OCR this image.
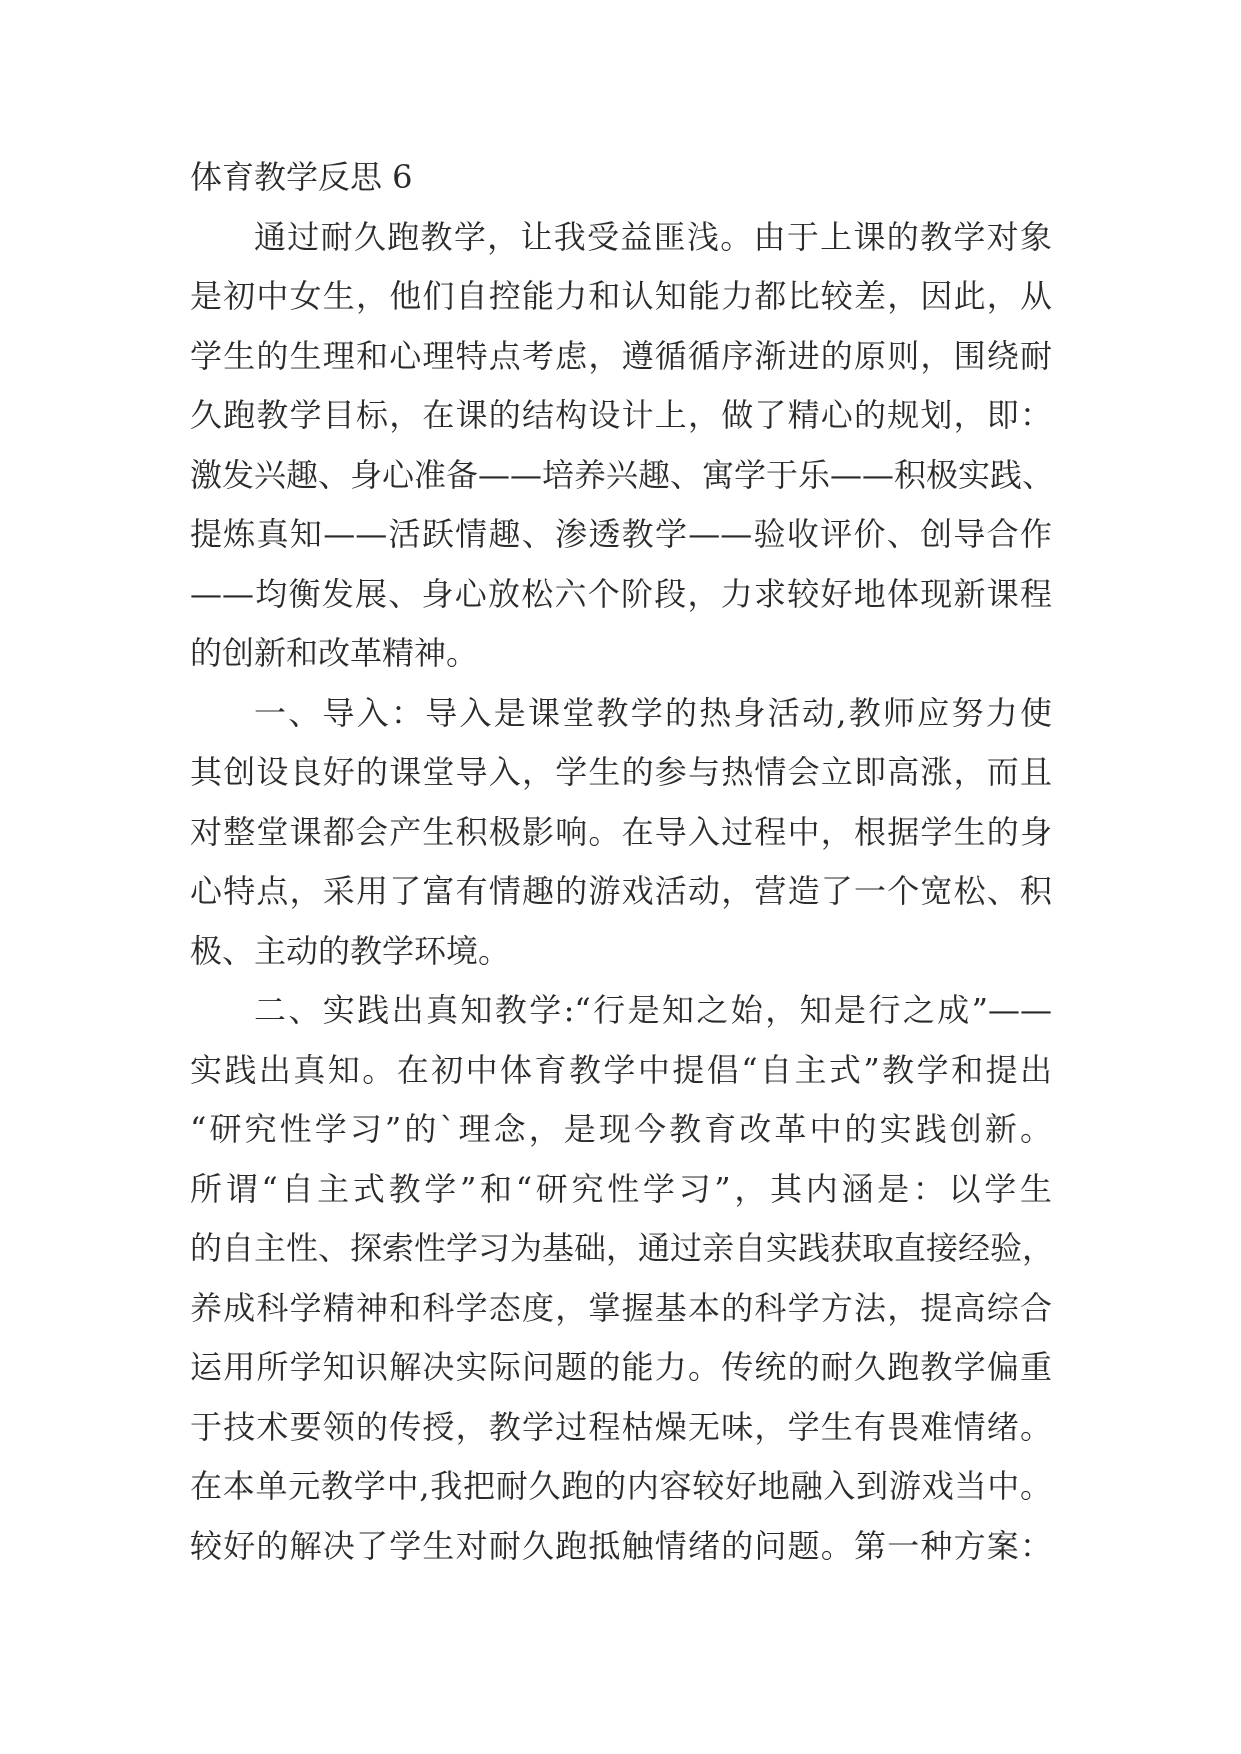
体育教学反思 6
通过耐久跑教学，让我受益匪浅。由于上课的教学对象
是初中女生，他们自控能力和认知能力都比较差，因此，从
学生的生理和心理特点考虑，遵循循序渐进的原则，围绕耐
久跑教学目标，在课的结构设计上，做了精心的规划，即：
激发兴趣、身心准备——培养兴趣、寓学于乐——积极实践、
提炼真知——活跃情趣、渗透教学——验收评价、创导合作
——均衡发展、身心放松六个阶段，力求较好地体现新课程
的创新和改革精神。
一、导入：导入是课堂教学的热身活动,教师应努力使
其创设良好的课堂导入，学生的参与热情会立即高涨，而且
对整堂课都会产生积极影响。在导入过程中，根据学生的身
心特点，采用了富有情趣的游戏活动，营造了一个宽松、积
极、主动的教学环境。
二、实践出真知教学:“行是知之始，知是行之成”——
实践出真知。在初中体育教学中提倡“自主式”教学和提出
“研究性学习”的`理念，是现今教育改革中的实践创新。
所谓“自主式教学”和“研究性学习”，其内涵是：以学生
的自主性、探索性学习为基础，通过亲自实践获取直接经验，
养成科学精神和科学态度，掌握基本的科学方法，提高综合
运用所学知识解决实际问题的能力。传统的耐久跑教学偏重
于技术要领的传授，教学过程枯燥无味，学生有畏难情绪。
在本单元教学中,我把耐久跑的内容较好地融入到游戏当中。
较好的解决了学生对耐久跑抵触情绪的问题。第一种方案：
